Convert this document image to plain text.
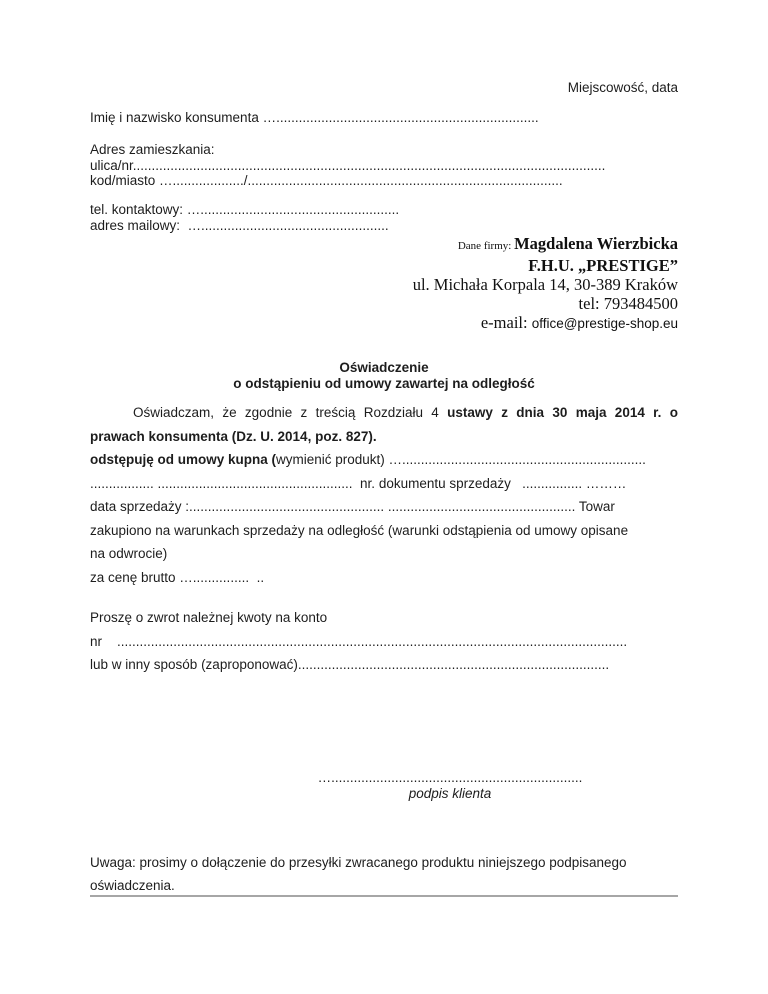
Miejscowość, data
Imię i nazwisko konsumenta …......................................................................
Adres zamieszkania:
ulica/nr..............................................................................................................................
kod/miasto ….................../....................................................................................
tel. kontaktowy: ….....................................................
adres mailowy:  …..................................................
Dane firmy: Magdalena Wierzbicka
F.H.U. „PRESTIGE”
ul. Michała Korpala 14, 30-389 Kraków
tel: 793484500
e-mail: office@prestige-shop.eu
Oświadczenie
o odstąpieniu od umowy zawartej na odległość
Oświadczam, że zgodnie z treścią Rozdziału 4 ustawy z dnia 30 maja 2014 r. o
prawach konsumenta (Dz. U. 2014, poz. 827).
odstępuję od umowy kupna (wymienić produkt) ….................................................................
................. ....................................................  nr. dokumentu sprzedaży   ................ ………
data sprzedaży :.................................................... .................................................. Towar
zakupiono na warunkach sprzedaży na odległość (warunki odstąpienia od umowy opisane
na odwrocie)
za cenę brutto …...............  ..
Proszę o zwrot należnej kwoty na konto
nr    ........................................................................................................................................
lub w inny sposób (zaproponować)...................................................................................
…...................................................................
podpis klienta
Uwaga: prosimy o dołączenie do przesyłki zwracanego produktu niniejszego podpisanego
oświadczenia.
